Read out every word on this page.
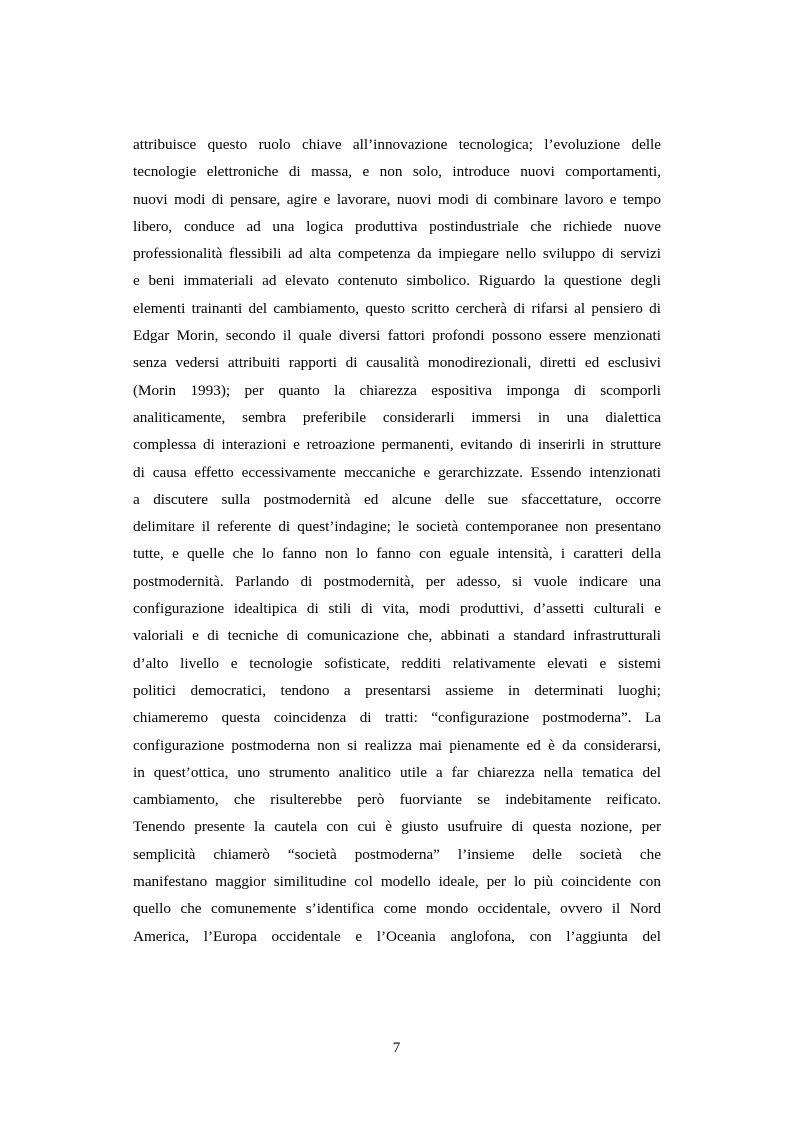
attribuisce questo ruolo chiave all’innovazione tecnologica; l’evoluzione delle
tecnologie elettroniche di massa, e non solo, introduce nuovi comportamenti,
nuovi modi di pensare, agire e lavorare, nuovi modi di combinare lavoro e tempo
libero, conduce ad una logica produttiva postindustriale che richiede nuove
professionalità flessibili ad alta competenza da impiegare nello sviluppo di servizi
e beni immateriali ad elevato contenuto simbolico. Riguardo la questione degli
elementi trainanti del cambiamento, questo scritto cercherà di rifarsi al pensiero di
Edgar Morin, secondo il quale diversi fattori profondi possono essere menzionati
senza vedersi attribuiti rapporti di causalità monodirezionali, diretti ed esclusivi
(Morin 1993); per quanto la chiarezza espositiva imponga di scomporli
analiticamente, sembra preferibile considerarli immersi in una dialettica
complessa di interazioni e retroazione permanenti, evitando di inserirli in strutture
di causa effetto eccessivamente meccaniche e gerarchizzate. Essendo intenzionati
a discutere sulla postmodernità ed alcune delle sue sfaccettature, occorre
delimitare il referente di quest’indagine; le società contemporanee non presentano
tutte, e quelle che lo fanno non lo fanno con eguale intensità, i caratteri della
postmodernità. Parlando di postmodernità, per adesso, si vuole indicare una
configurazione idealtipica di stili di vita, modi produttivi, d’assetti culturali e
valoriali e di tecniche di comunicazione che, abbinati a standard infrastrutturali
d’alto livello e tecnologie sofisticate, redditi relativamente elevati e sistemi
politici democratici, tendono a presentarsi assieme in determinati luoghi;
chiameremo questa coincidenza di tratti: “configurazione postmoderna”. La
configurazione postmoderna non si realizza mai pienamente ed è da considerarsi,
in quest’ottica, uno strumento analitico utile a far chiarezza nella tematica del
cambiamento, che risulterebbe però fuorviante se indebitamente reificato.
Tenendo presente la cautela con cui è giusto usufruire di questa nozione, per
semplicità chiamerò “società postmoderna” l’insieme delle società che
manifestano maggior similitudine col modello ideale, per lo più coincidente con
quello che comunemente s’identifica come mondo occidentale, ovvero il Nord
America, l’Europa occidentale e l’Oceania anglofona, con l’aggiunta del
7
